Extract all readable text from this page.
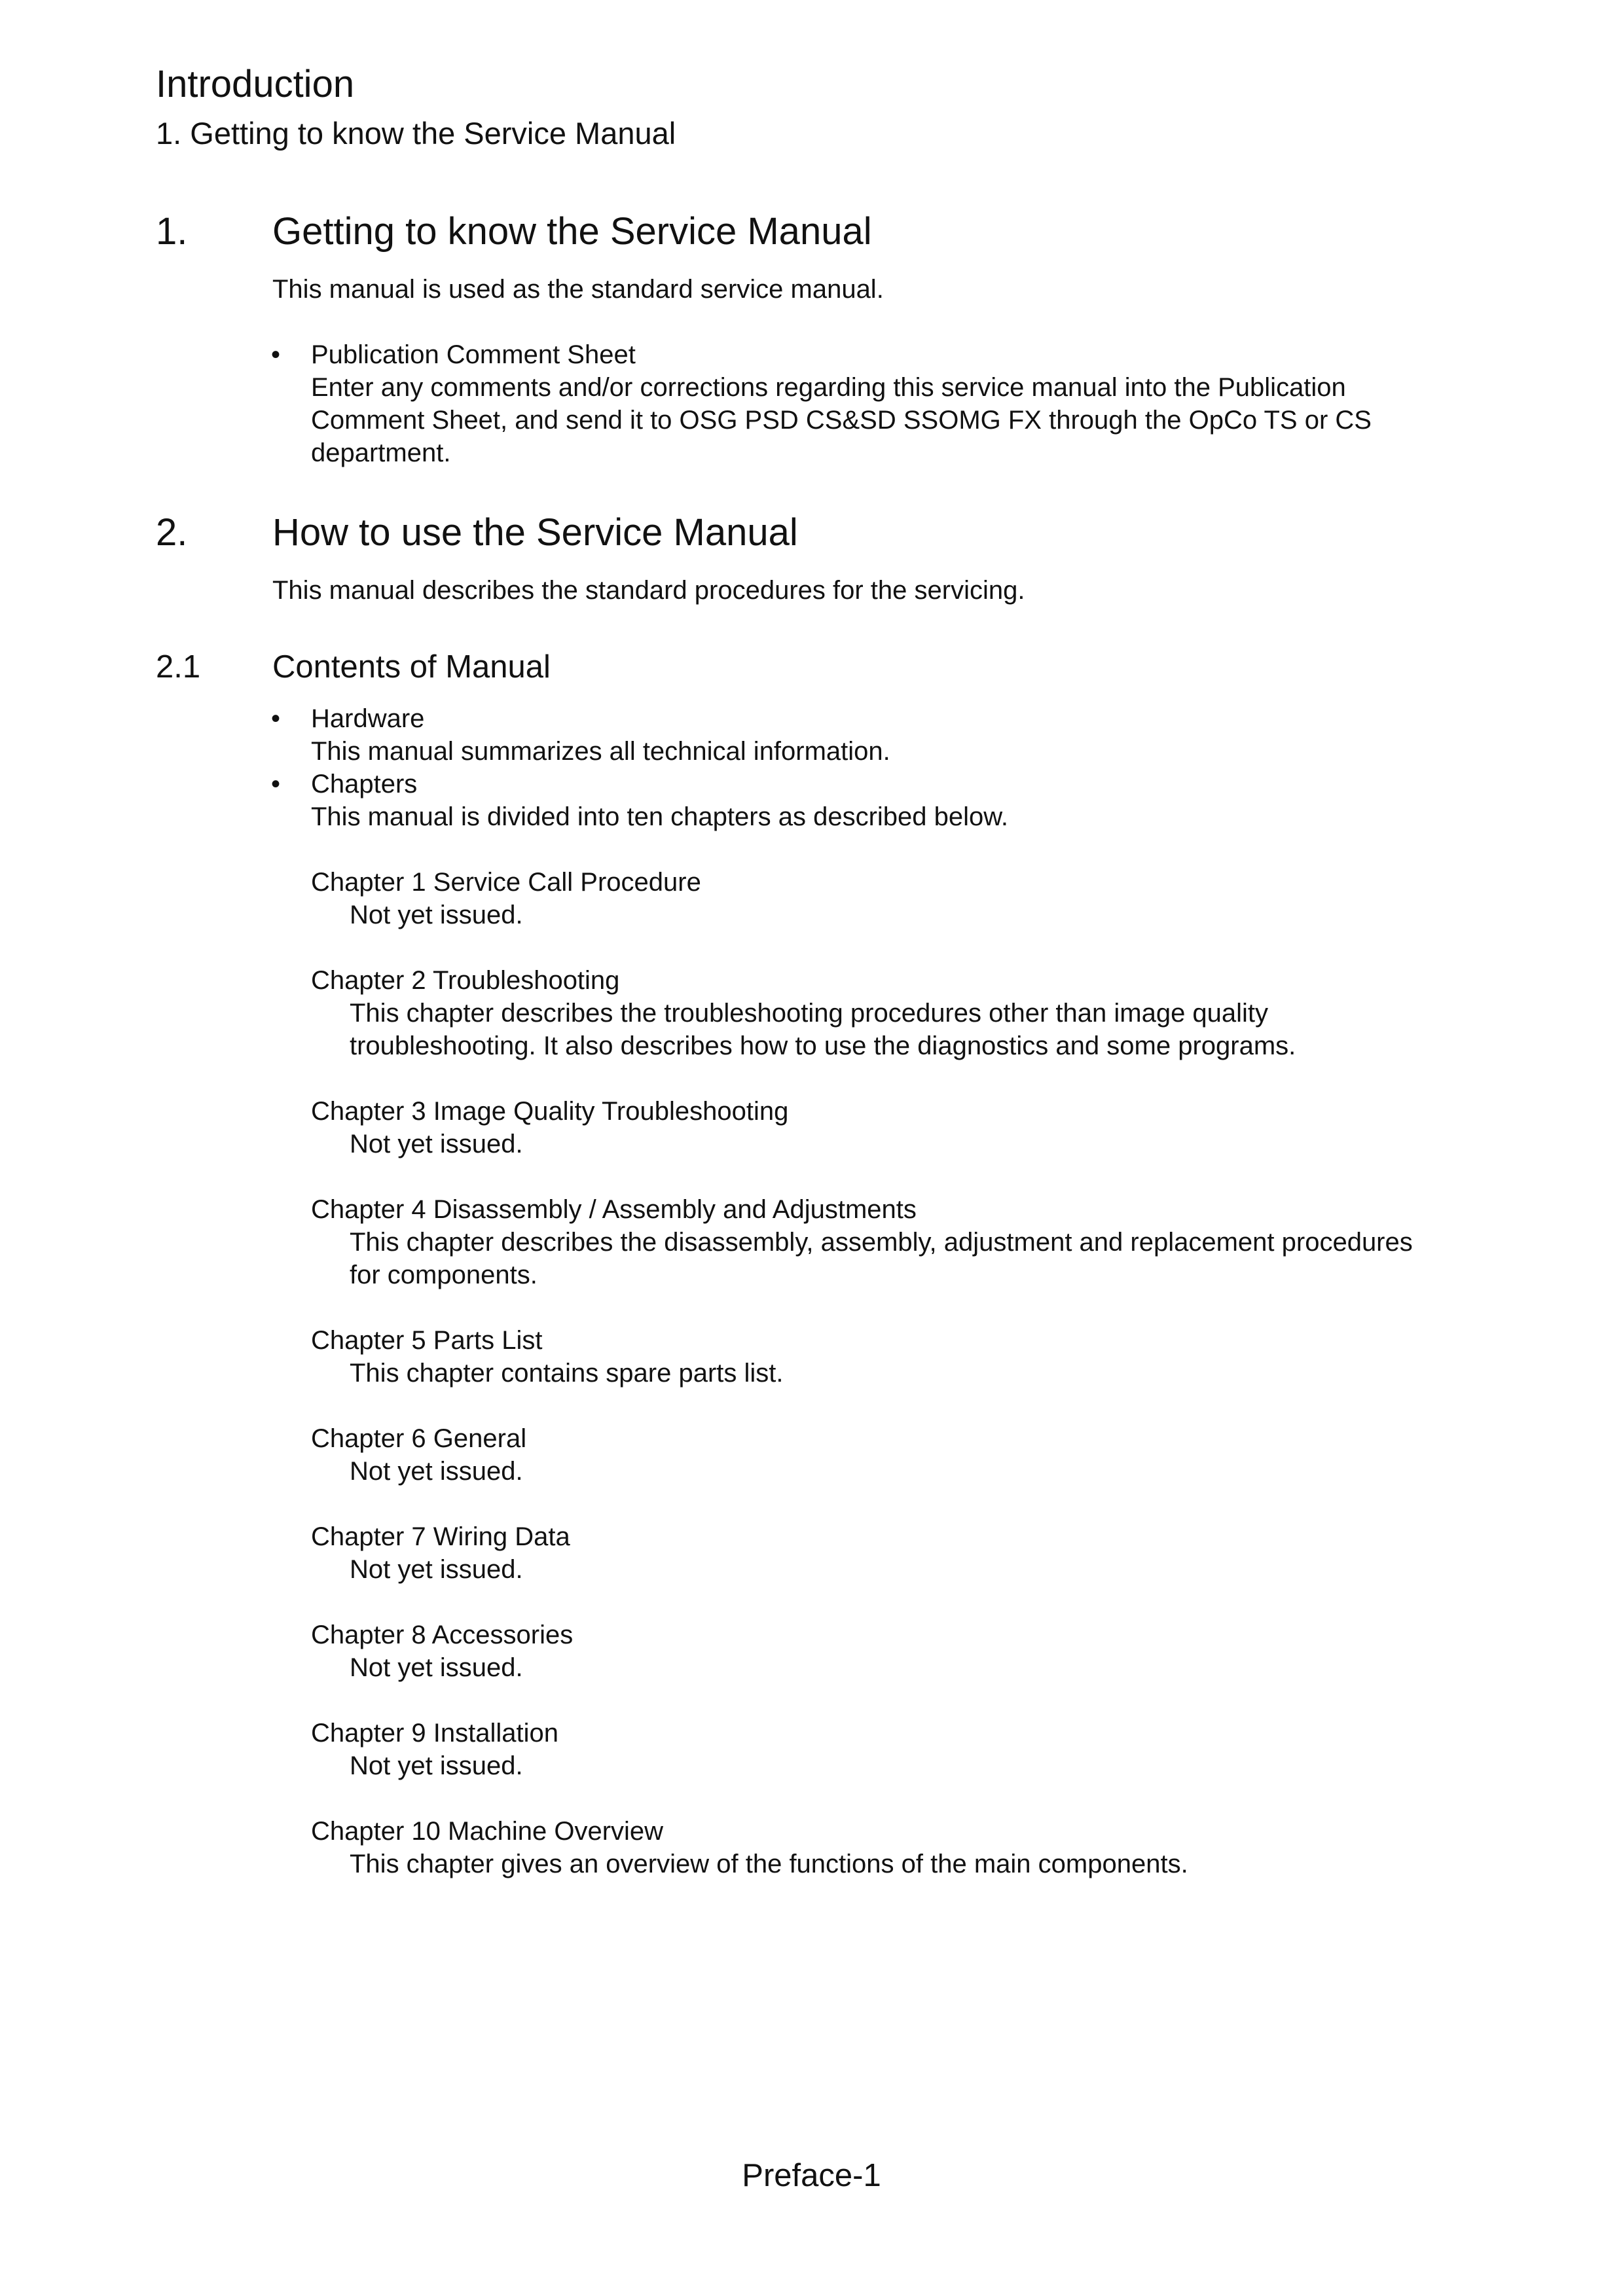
Introduction
1. Getting to know the Service Manual
1. Getting to know the Service Manual
This manual is used as the standard service manual.
• Publication Comment Sheet
Enter any comments and/or corrections regarding this service manual into the Publication
Comment Sheet, and send it to OSG PSD CS&SD SSOMG FX through the OpCo TS or CS
department.
2. How to use the Service Manual
This manual describes the standard procedures for the servicing.
2.1 Contents of Manual
• Hardware
This manual summarizes all technical information.
• Chapters
This manual is divided into ten chapters as described below.
Chapter 1 Service Call Procedure
Not yet issued.
Chapter 2 Troubleshooting
This chapter describes the troubleshooting procedures other than image quality
troubleshooting. It also describes how to use the diagnostics and some programs.
Chapter 3 Image Quality Troubleshooting
Not yet issued.
Chapter 4 Disassembly / Assembly and Adjustments
This chapter describes the disassembly, assembly, adjustment and replacement procedures
for components.
Chapter 5 Parts List
This chapter contains spare parts list.
Chapter 6 General
Not yet issued.
Chapter 7 Wiring Data
Not yet issued.
Chapter 8 Accessories
Not yet issued.
Chapter 9 Installation
Not yet issued.
Chapter 10 Machine Overview
This chapter gives an overview of the functions of the main components.
Preface-1
